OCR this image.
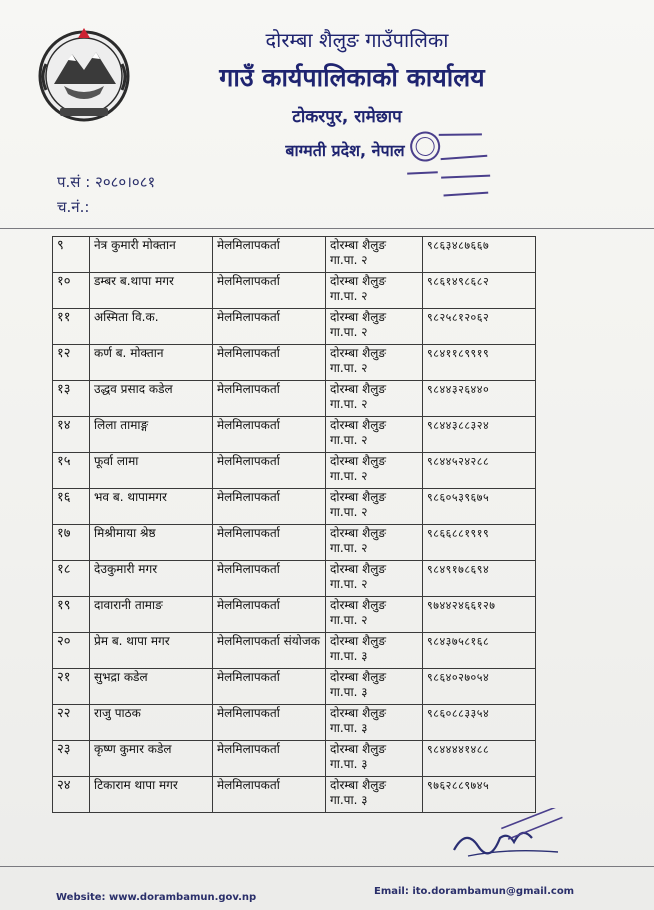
दोरम्बा शैलुङ गाउँपालिका
गाउँ कार्यपालिकाको कार्यालय
टोकरपुर, रामेछाप
बाग्मती प्रदेश, नेपाल
प.सं : २०८०।०८१
च.नं.:
९	नेत्र कुमारी मोक्तान	मेलमिलापकर्ता	दोरम्बा शैलुङ
गा.पा. २	९८६३४८७६६७
१०	डम्बर ब.थापा मगर	मेलमिलापकर्ता	दोरम्बा शैलुङ
गा.पा. २	९८६१४९८६८२
११	अस्मिता वि.क.	मेलमिलापकर्ता	दोरम्बा शैलुङ
गा.पा. २	९८२५८१२०६२
१२	कर्ण ब. मोक्तान	मेलमिलापकर्ता	दोरम्बा शैलुङ
गा.पा. २	९८४११८९९१९
१३	उद्धव प्रसाद कडेल	मेलमिलापकर्ता	दोरम्बा शैलुङ
गा.पा. २	९८४४३२६४४०
१४	लिला तामाङ्ग	मेलमिलापकर्ता	दोरम्बा शैलुङ
गा.पा. २	९८४४३८८३२४
१५	फूर्वा लामा	मेलमिलापकर्ता	दोरम्बा शैलुङ
गा.पा. २	९८४४५२४२८८
१६	भव ब. थापामगर	मेलमिलापकर्ता	दोरम्बा शैलुङ
गा.पा. २	९८६०५३९६७५
१७	मिश्रीमाया श्रेष्ठ	मेलमिलापकर्ता	दोरम्बा शैलुङ
गा.पा. २	९८६६८८१९१९
१८	देउकुमारी मगर	मेलमिलापकर्ता	दोरम्बा शैलुङ
गा.पा. २	९८४९१७८६९४
१९	दावारानी तामाङ	मेलमिलापकर्ता	दोरम्बा शैलुङ
गा.पा. २	९७४४२४६६१२७
२०	प्रेम ब. थापा मगर	मेलमिलापकर्ता संयोजक	दोरम्बा शैलुङ
गा.पा. ३	९८४३७५८१६८
२१	सुभद्रा कडेल	मेलमिलापकर्ता	दोरम्बा शैलुङ
गा.पा. ३	९८६४०२७०५४
२२	राजु पाठक	मेलमिलापकर्ता	दोरम्बा शैलुङ
गा.पा. ३	९८६०८८३३५४
२३	कृष्ण कुमार कडेल	मेलमिलापकर्ता	दोरम्बा शैलुङ
गा.पा. ३	९८४४४४१४८८
२४	टिकाराम थापा मगर	मेलमिलापकर्ता	दोरम्बा शैलुङ
गा.पा. ३	९७६२८८९७४५
Website: www.dorambamun.gov.np
Email: ito.dorambamun@gmail.com
